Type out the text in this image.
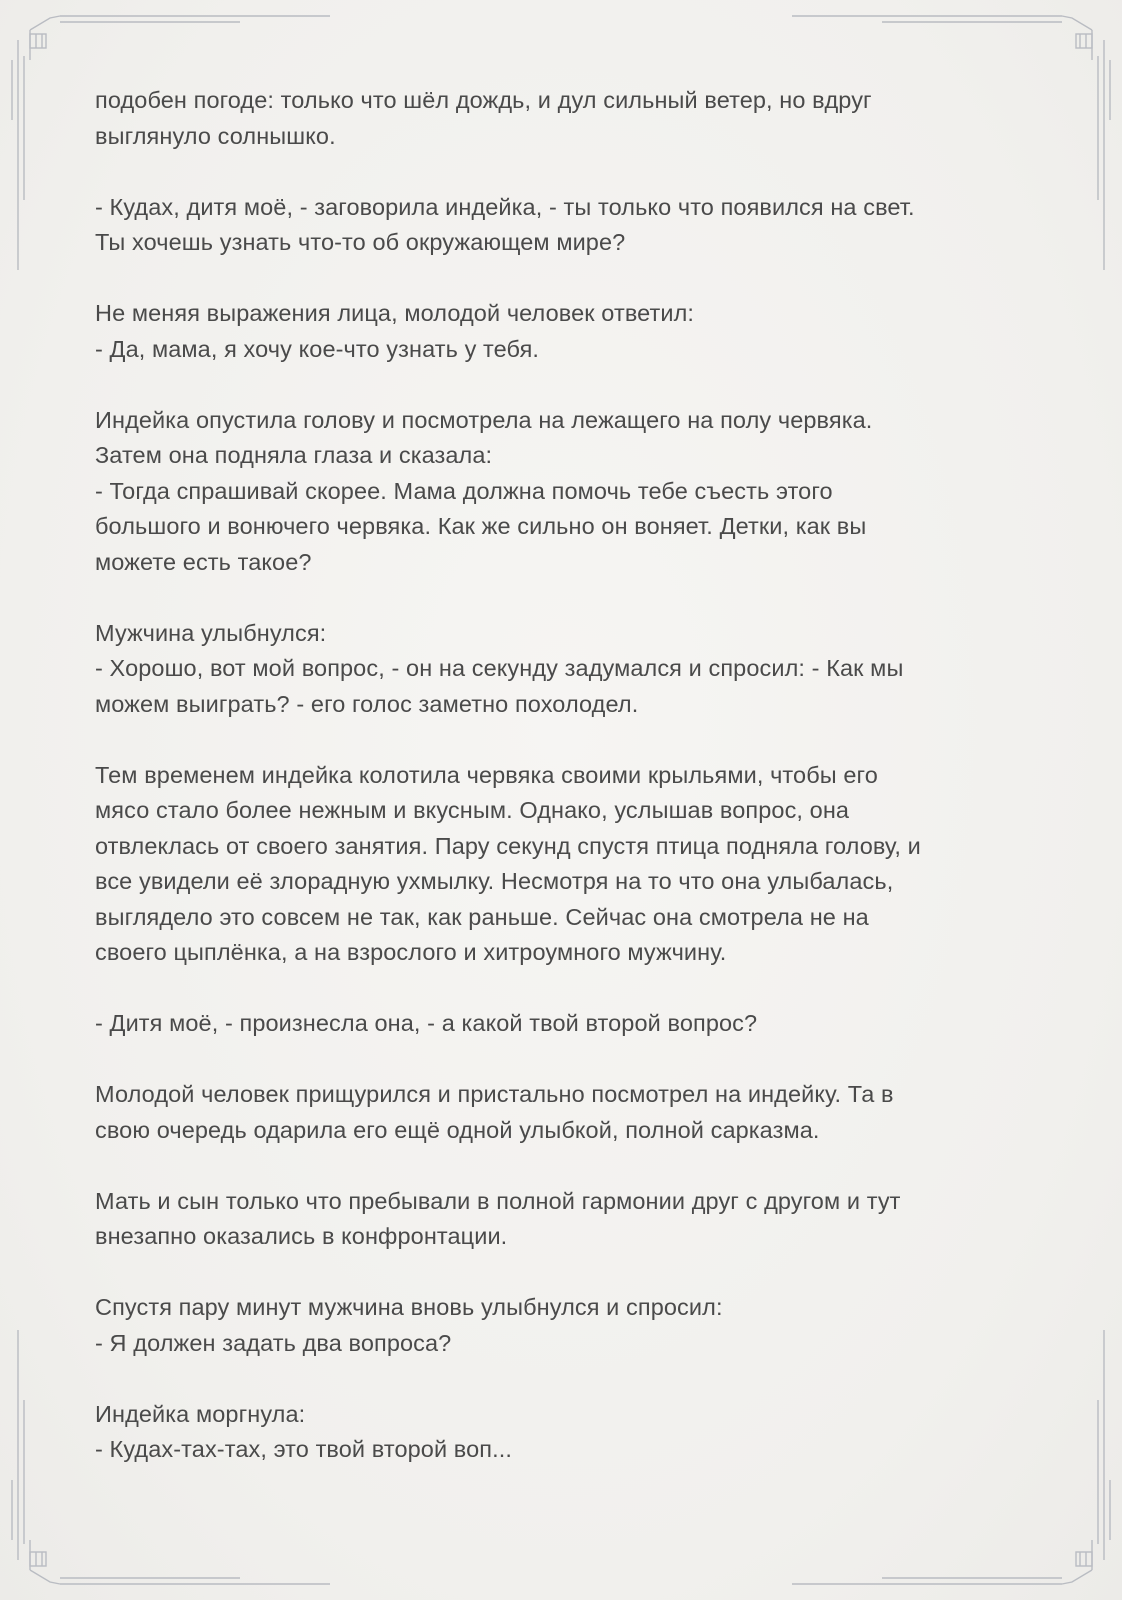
подобен погоде: только что шёл дождь, и дул сильный ветер, но вдруг
выглянуло солнышко.
- Кудах, дитя моё, - заговорила индейка, - ты только что появился на свет.
Ты хочешь узнать что-то об окружающем мире?
Не меняя выражения лица, молодой человек ответил:
- Да, мама, я хочу кое-что узнать у тебя.
Индейка опустила голову и посмотрела на лежащего на полу червяка.
Затем она подняла глаза и сказала:
- Тогда спрашивай скорее. Мама должна помочь тебе съесть этого
большого и вонючего червяка. Как же сильно он воняет. Детки, как вы
можете есть такое?
Мужчина улыбнулся:
- Хорошо, вот мой вопрос, - он на секунду задумался и спросил: - Как мы
можем выиграть? - его голос заметно похолодел.
Тем временем индейка колотила червяка своими крыльями, чтобы его
мясо стало более нежным и вкусным. Однако, услышав вопрос, она
отвлеклась от своего занятия. Пару секунд спустя птица подняла голову, и
все увидели её злорадную ухмылку. Несмотря на то что она улыбалась,
выглядело это совсем не так, как раньше. Сейчас она смотрела не на
своего цыплёнка, а на взрослого и хитроумного мужчину.
- Дитя моё, - произнесла она, - а какой твой второй вопрос?
Молодой человек прищурился и пристально посмотрел на индейку. Та в
свою очередь одарила его ещё одной улыбкой, полной сарказма.
Мать и сын только что пребывали в полной гармонии друг с другом и тут
внезапно оказались в конфронтации.
Спустя пару минут мужчина вновь улыбнулся и спросил:
- Я должен задать два вопроса?
Индейка моргнула:
- Кудах-тах-тах, это твой второй воп...
